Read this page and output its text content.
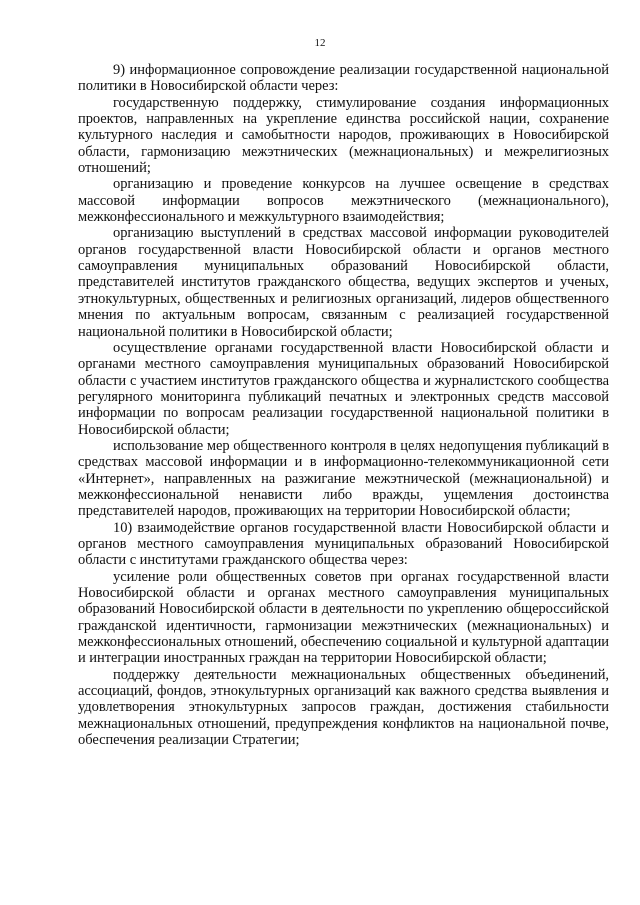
12

9) информационное сопровождение реализации государственной национальной политики в Новосибирской области через:

государственную поддержку, стимулирование создания информационных проектов, направленных на укрепление единства российской нации, сохранение культурного наследия и самобытности народов, проживающих в Новосибирской области, гармонизацию межэтнических (межнациональных) и межрелигиозных отношений;

организацию и проведение конкурсов на лучшее освещение в средствах массовой информации вопросов межэтнического (межнационального), межконфессионального и межкультурного взаимодействия;

организацию выступлений в средствах массовой информации руководителей органов государственной власти Новосибирской области и органов местного самоуправления муниципальных образований Новосибирской области, представителей институтов гражданского общества, ведущих экспертов и ученых, этнокультурных, общественных и религиозных организаций, лидеров общественного мнения по актуальным вопросам, связанным с реализацией государственной национальной политики в Новосибирской области;

осуществление органами государственной власти Новосибирской области и органами местного самоуправления муниципальных образований Новосибирской области с участием институтов гражданского общества и журналистского сообщества регулярного мониторинга публикаций печатных и электронных средств массовой информации по вопросам реализации государственной национальной политики в Новосибирской области;

использование мер общественного контроля в целях недопущения публикаций в средствах массовой информации и в информационно-телекоммуникационной сети «Интернет», направленных на разжигание межэтнической (межнациональной) и межконфессиональной ненависти либо вражды, ущемления достоинства представителей народов, проживающих на территории Новосибирской области;

10) взаимодействие органов государственной власти Новосибирской области и органов местного самоуправления муниципальных образований Новосибирской области с институтами гражданского общества через:

усиление роли общественных советов при органах государственной власти Новосибирской области и органах местного самоуправления муниципальных образований Новосибирской области в деятельности по укреплению общероссийской гражданской идентичности, гармонизации межэтнических (межнациональных) и межконфессиональных отношений, обеспечению социальной и культурной адаптации и интеграции иностранных граждан на территории Новосибирской области;

поддержку деятельности межнациональных общественных объединений, ассоциаций, фондов, этнокультурных организаций как важного средства выявления и удовлетворения этнокультурных запросов граждан, достижения стабильности межнациональных отношений, предупреждения конфликтов на национальной почве, обеспечения реализации Стратегии;
